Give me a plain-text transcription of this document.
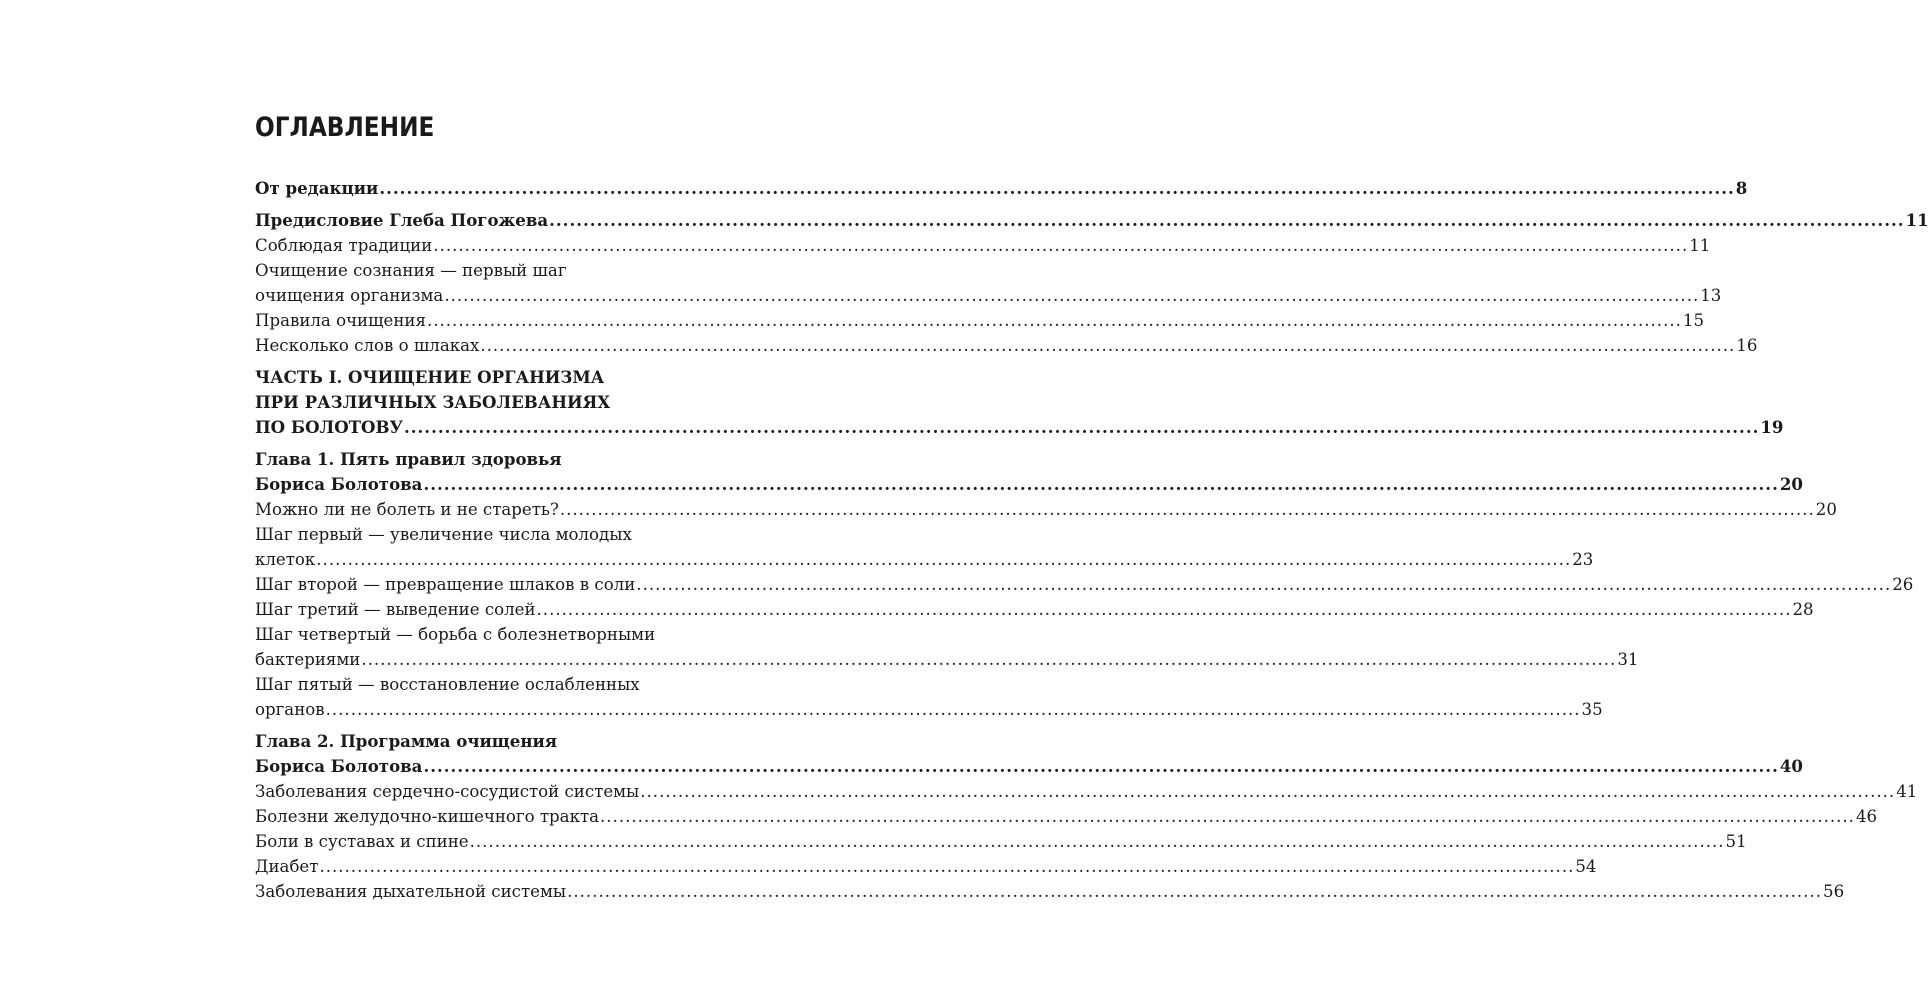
ОГЛАВЛЕНИЕ
От редакции ........................................................................................................................................................................................................ 8
Предисловие Глеба Погожева ........................................................................................................................................................................................................ 11
Соблюдая традиции ........................................................................................................................................................................................................ 11
Очищение сознания — первый шаг
очищения организма ........................................................................................................................................................................................................ 13
Правила очищения ........................................................................................................................................................................................................ 15
Несколько слов о шлаках ........................................................................................................................................................................................................ 16
ЧАСТЬ I. ОЧИЩЕНИЕ ОРГАНИЗМА
ПРИ РАЗЛИЧНЫХ ЗАБОЛЕВАНИЯХ
ПО БОЛОТОВУ ........................................................................................................................................................................................................ 19
Глава 1. Пять правил здоровья
Бориса Болотова ........................................................................................................................................................................................................ 20
Можно ли не болеть и не стареть? ........................................................................................................................................................................................................ 20
Шаг первый — увеличение числа молодых
клеток ........................................................................................................................................................................................................ 23
Шаг второй — превращение шлаков в соли ........................................................................................................................................................................................................ 26
Шаг третий — выведение солей ........................................................................................................................................................................................................ 28
Шаг четвертый — борьба с болезнетворными
бактериями ........................................................................................................................................................................................................ 31
Шаг пятый — восстановление ослабленных
органов ........................................................................................................................................................................................................ 35
Глава 2. Программа очищения
Бориса Болотова ........................................................................................................................................................................................................ 40
Заболевания сердечно-сосудистой системы ........................................................................................................................................................................................................ 41
Болезни желудочно-кишечного тракта ........................................................................................................................................................................................................ 46
Боли в суставах и спине ........................................................................................................................................................................................................ 51
Диабет ........................................................................................................................................................................................................ 54
Заболевания дыхательной системы ........................................................................................................................................................................................................ 56
